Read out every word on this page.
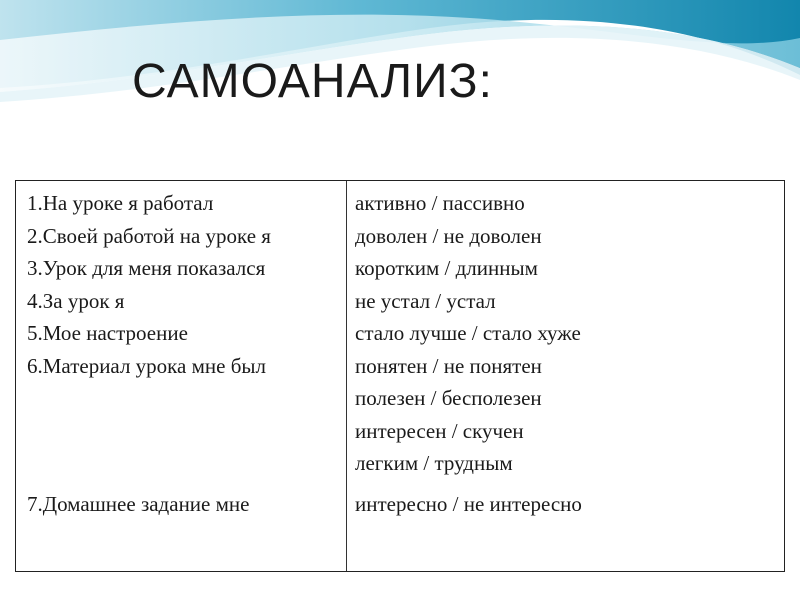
САМОАНАЛИЗ:
1.На уроке я работал
2.Своей работой на уроке я
3.Урок для меня показался
4.За урок я
5.Мое настроение
6.Материал урока мне был
активно / пассивно
доволен / не доволен
коротким / длинным
не устал / устал
стало лучше / стало хуже
понятен / не понятен
полезен / бесполезен
интересен / скучен
легким / трудным
7.Домашнее задание мне	интересно / не интересно
